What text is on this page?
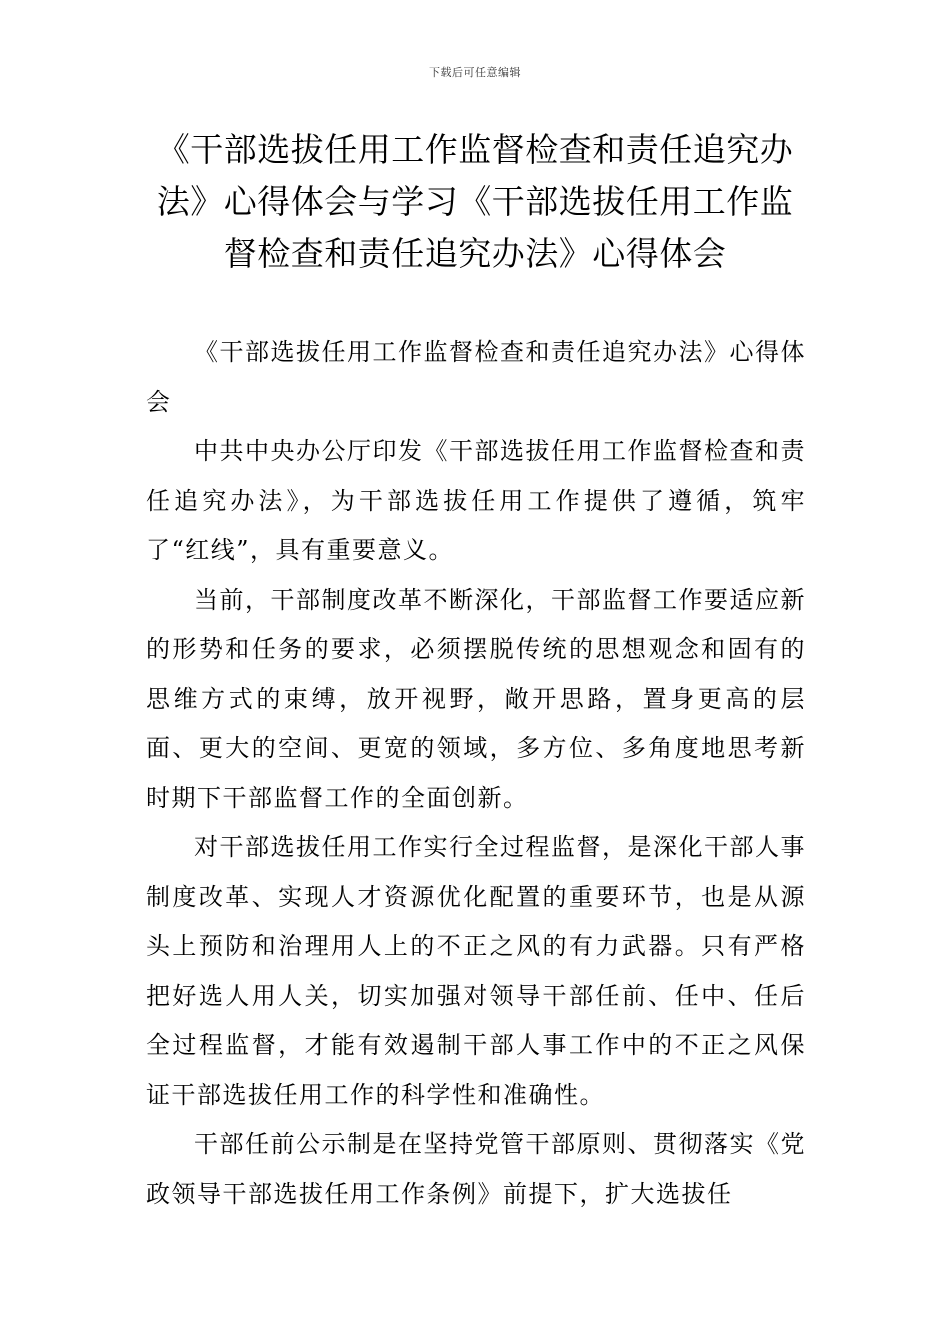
下载后可任意编辑
《干部选拔任用工作监督检查和责任追究办法》心得体会与学习《干部选拔任用工作监督检查和责任追究办法》心得体会

《干部选拔任用工作监督检查和责任追究办法》心得体会

中共中央办公厅印发《干部选拔任用工作监督检查和责任追究办法》，为干部选拔任用工作提供了遵循，筑牢了“红线”，具有重要意义。

当前，干部制度改革不断深化，干部监督工作要适应新的形势和任务的要求，必须摆脱传统的思想观念和固有的思维方式的束缚，放开视野，敞开思路，置身更高的层面、更大的空间、更宽的领域，多方位、多角度地思考新时期下干部监督工作的全面创新。

对干部选拔任用工作实行全过程监督，是深化干部人事制度改革、实现人才资源优化配置的重要环节，也是从源头上预防和治理用人上的不正之风的有力武器。只有严格把好选人用人关，切实加强对领导干部任前、任中、任后全过程监督，才能有效遏制干部人事工作中的不正之风保证干部选拔任用工作的科学性和准确性。

干部任前公示制是在坚持党管干部原则、贯彻落实《党政领导干部选拔任用工作条例》前提下，扩大选拔任
